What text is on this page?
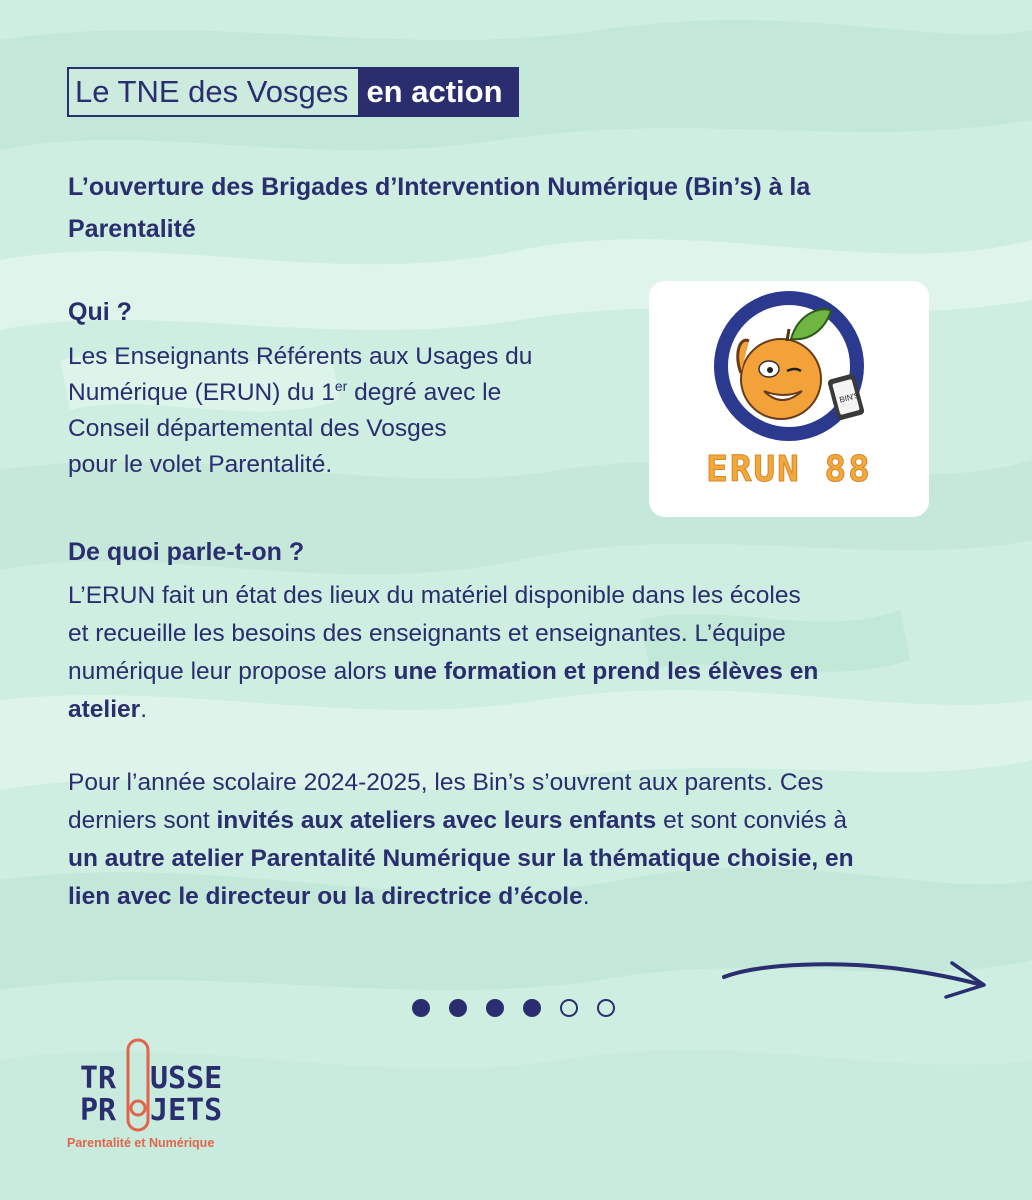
Le TNE des Vosges en action
L’ouverture des Brigades d’Intervention Numérique (Bin’s) à la
Parentalité
Qui ?

Les Enseignants Référents aux Usages du
Numérique (ERUN) du 1er degré avec le
Conseil départemental des Vosges
pour le volet Parentalité.

BIN'S
ERUN 88
De quoi parle-t-on ?

L’ERUN fait un état des lieux du matériel disponible dans les écoles
et recueille les besoins des enseignants et enseignantes. L’équipe
numérique leur propose alors une formation et prend les élèves en
atelier.

Pour l’année scolaire 2024-2025, les Bin’s s’ouvrent aux parents. Ces
derniers sont invités aux ateliers avec leurs enfants et sont conviés à
un autre atelier Parentalité Numérique sur la thématique choisie, en
lien avec le directeur ou la directrice d’école.

TR USSE
PR JETS

Parentalité et Numérique
